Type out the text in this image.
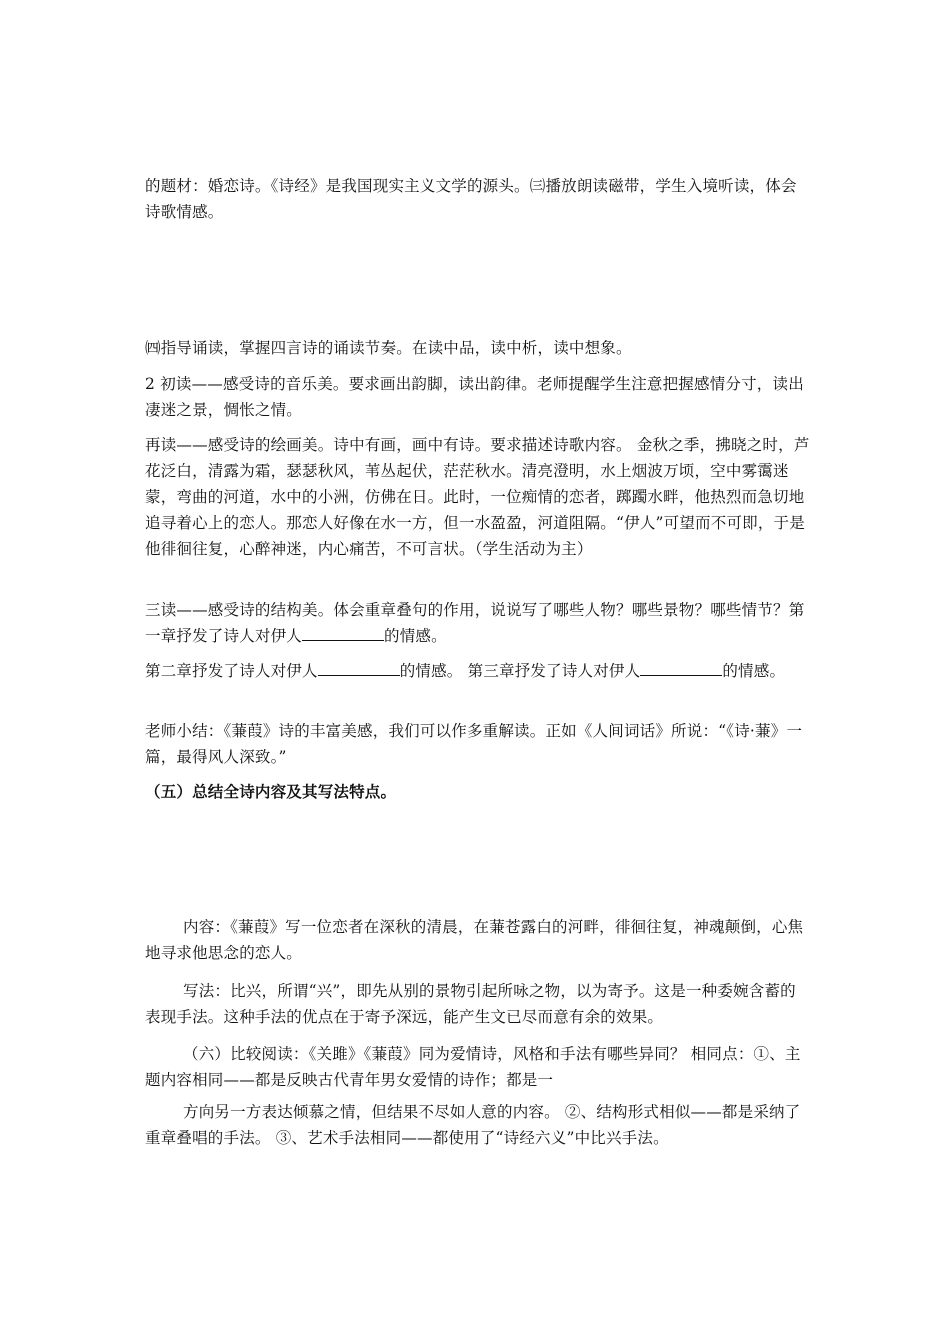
的题材：婚恋诗。《诗经》是我国现实主义文学的源头。㈢播放朗读磁带，学生入境听读，体会诗歌情感。

㈣指导诵读，掌握四言诗的诵读节奏。在读中品，读中析，读中想象。

2 初读——感受诗的音乐美。要求画出韵脚，读出韵律。老师提醒学生注意把握感情分寸，读出凄迷之景，惆怅之情。

再读——感受诗的绘画美。诗中有画，画中有诗。要求描述诗歌内容。 金秋之季，拂晓之时，芦花泛白，清露为霜，瑟瑟秋风，苇丛起伏，茫茫秋水。清亮澄明，水上烟波万顷，空中雾霭迷蒙，弯曲的河道，水中的小洲，仿佛在日。此时，一位痴情的恋者，踯躅水畔，他热烈而急切地追寻着心上的恋人。那恋人好像在水一方，但一水盈盈，河道阻隔。“伊人”可望而不可即，于是他徘徊往复，心醉神迷，内心痛苦，不可言状。（学生活动为主）

三读——感受诗的结构美。体会重章叠句的作用，说说写了哪些人物？哪些景物？哪些情节？第一章抒发了诗人对伊人	的情感。

第二章抒发了诗人对伊人	的情感。 第三章抒发了诗人对伊人	的情感。

老师小结：《蒹葭》诗的丰富美感，我们可以作多重解读。正如《人间词话》所说：“《诗·蒹》一篇，最得风人深致。”

（五）总结全诗内容及其写法特点。

内容：《蒹葭》写一位恋者在深秋的清晨，在蒹苍露白的河畔，徘徊往复，神魂颠倒，心焦地寻求他思念的恋人。

写法：比兴，所谓“兴”，即先从别的景物引起所咏之物，以为寄予。这是一种委婉含蓄的表现手法。这种手法的优点在于寄予深远，能产生文已尽而意有余的效果。

（六）比较阅读：《关雎》《蒹葭》同为爱情诗，风格和手法有哪些异同？ 相同点：①、主题内容相同——都是反映古代青年男女爱情的诗作；都是一

方向另一方表达倾慕之情，但结果不尽如人意的内容。 ②、结构形式相似——都是采纳了重章叠唱的手法。 ③、艺术手法相同——都使用了“诗经六义”中比兴手法。
